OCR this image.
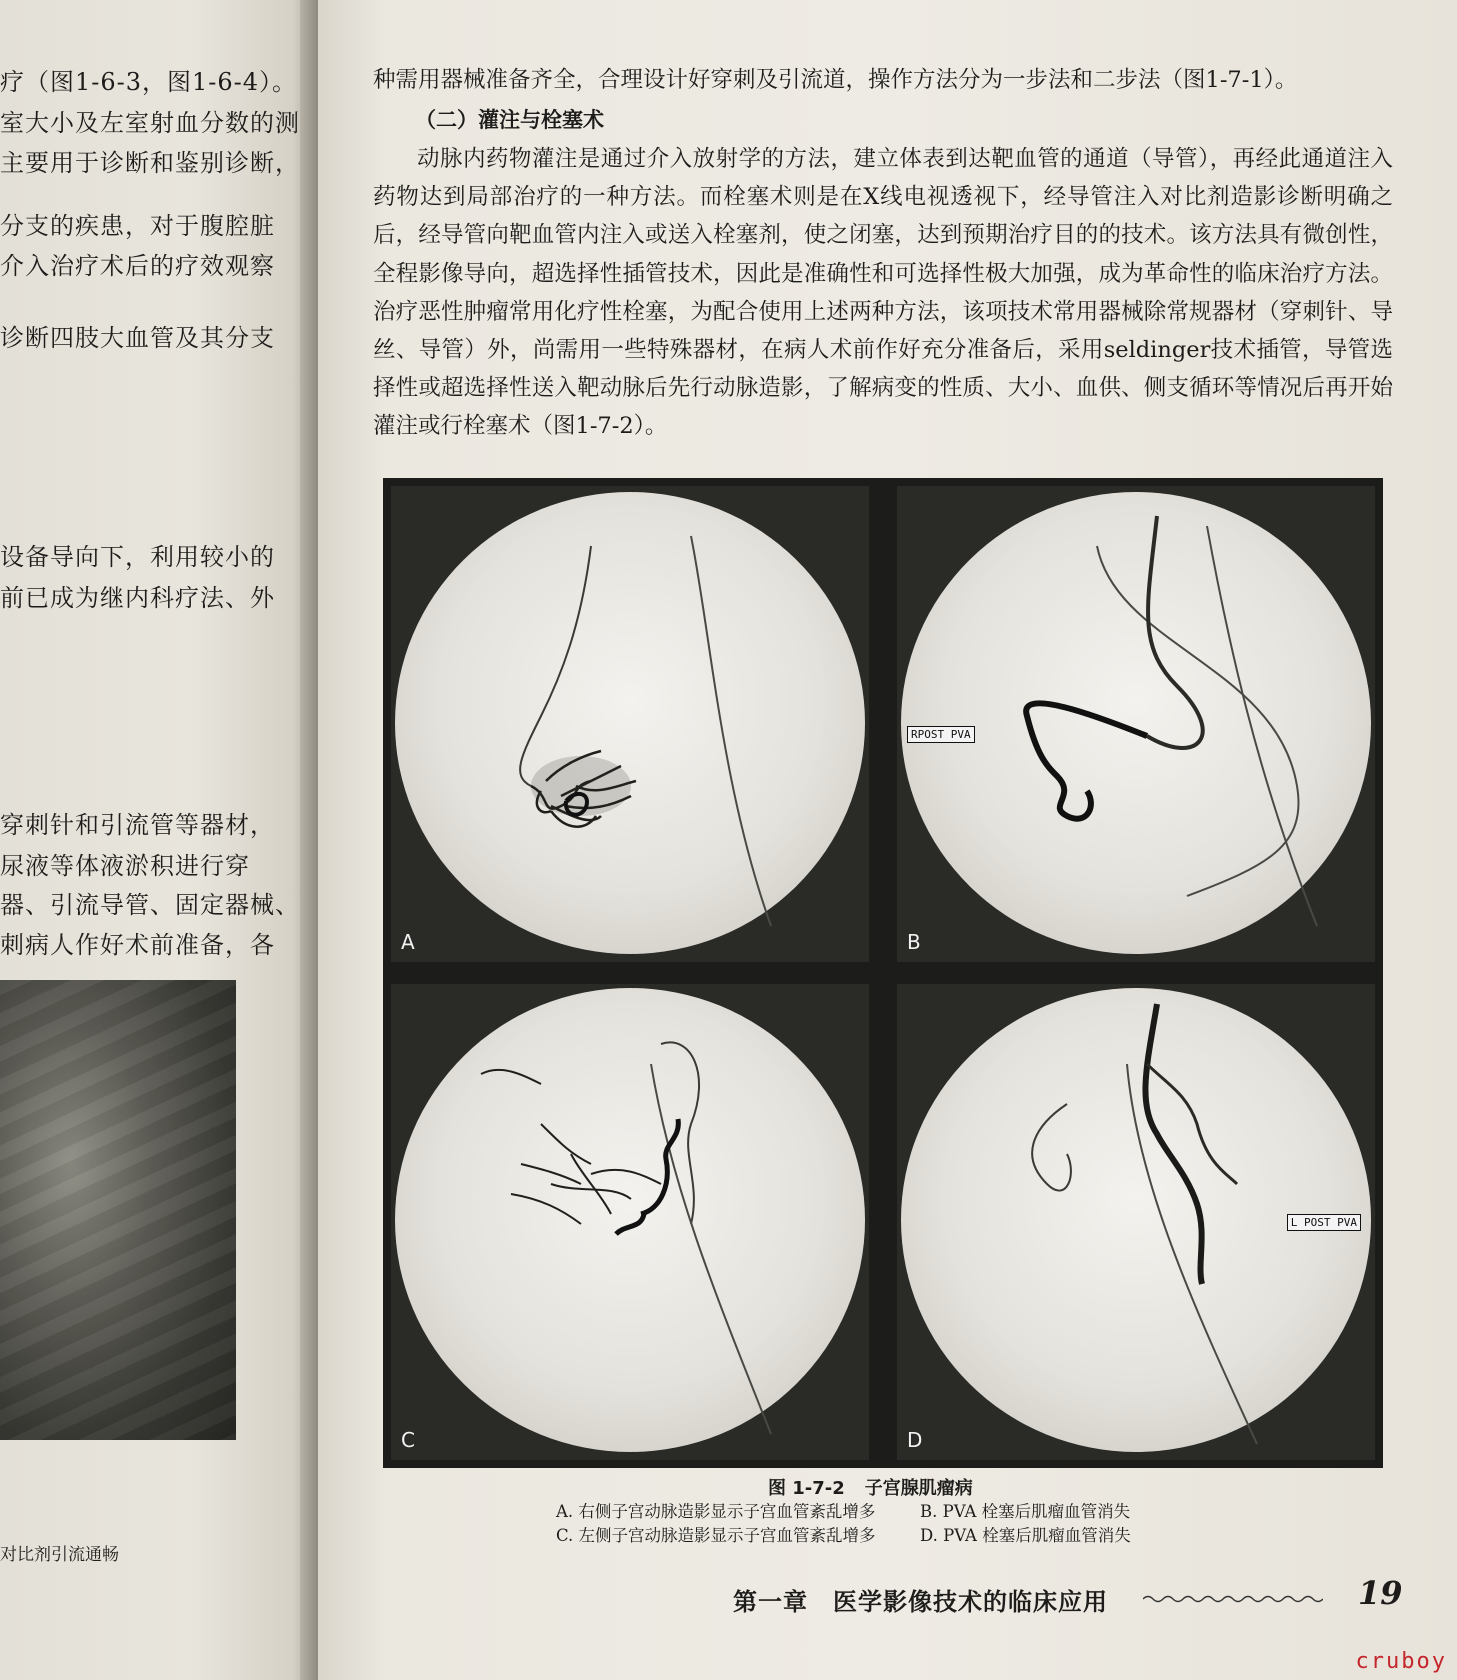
疗（图1-6-3，图1-6-4）。
室大小及左室射血分数的测
主要用于诊断和鉴别诊断，
分支的疾患，对于腹腔脏
介入治疗术后的疗效观察
诊断四肢大血管及其分支
设备导向下，利用较小的
前已成为继内科疗法、外
穿刺针和引流管等器材，
尿液等体液淤积进行穿
器、引流导管、固定器械、
刺病人作好术前准备，各
对比剂引流通畅
种需用器械准备齐全，合理设计好穿刺及引流道，操作方法分为一步法和二步法（图1-7-1）。
（二）灌注与栓塞术
动脉内药物灌注是通过介入放射学的方法，建立体表到达靶血管的通道（导管），再经此通道注入药物达到局部治疗的一种方法。而栓塞术则是在X线电视透视下，经导管注入对比剂造影诊断明确之后，经导管向靶血管内注入或送入栓塞剂，使之闭塞，达到预期治疗目的的技术。该方法具有微创性，全程影像导向，超选择性插管技术，因此是准确性和可选择性极大加强，成为革命性的临床治疗方法。治疗恶性肿瘤常用化疗性栓塞，为配合使用上述两种方法，该项技术常用器械除常规器材（穿刺针、导丝、导管）外，尚需用一些特殊器材，在病人术前作好充分准备后，采用seldinger技术插管，导管选择性或超选择性送入靶动脉后先行动脉造影，了解病变的性质、大小、血供、侧支循环等情况后再开始灌注或行栓塞术（图1-7-2）。
A
RPOST PVA
B
C
L POST PVA
D
图 1-7-2 子宫腺肌瘤病
A. 右侧子宫动脉造影显示子宫血管紊乱增多
C. 左侧子宫动脉造影显示子宫血管紊乱增多
B. PVA 栓塞后肌瘤血管消失
D. PVA 栓塞后肌瘤血管消失
第一章　医学影像技术的临床应用	19
cruboy
